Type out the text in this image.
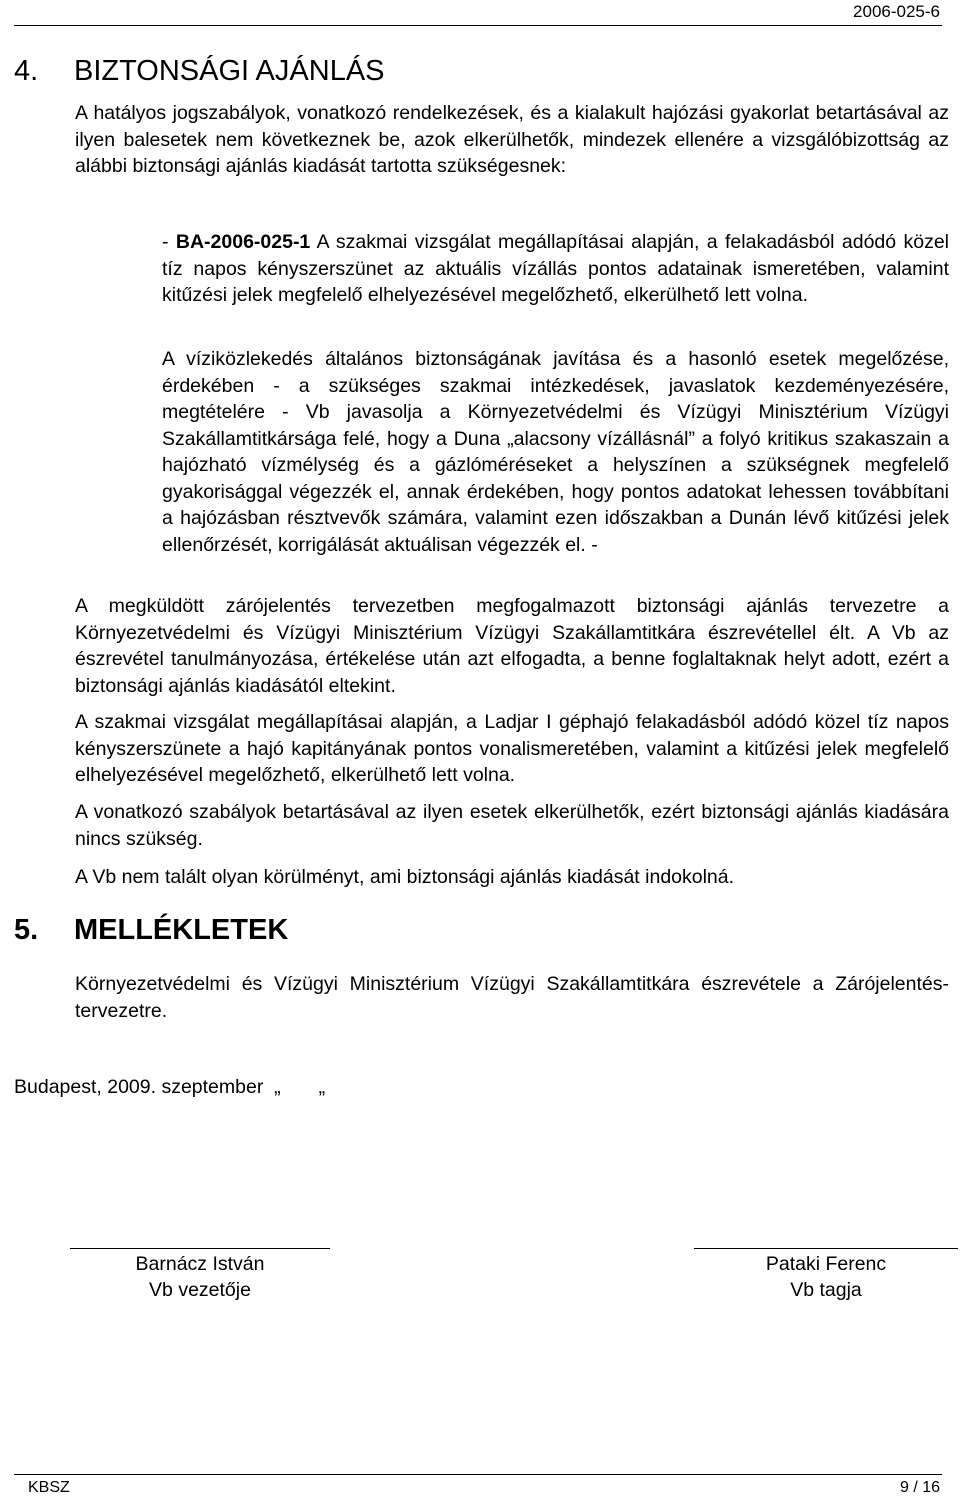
2006-025-6
4. BIZTONSÁGI AJÁNLÁS

A hatályos jogszabályok, vonatkozó rendelkezések, és a kialakult hajózási gyakorlat betartásával az ilyen balesetek nem következnek be, azok elkerülhetők, mindezek ellenére a vizsgálóbizottság az alábbi biztonsági ajánlás kiadását tartotta szükségesnek:

- BA-2006-025-1 A szakmai vizsgálat megállapításai alapján, a felakadásból adódó közel tíz napos kényszerszünet az aktuális vízállás pontos adatainak ismeretében, valamint kitűzési jelek megfelelő elhelyezésével megelőzhető, elkerülhető lett volna.

A víziközlekedés általános biztonságának javítása és a hasonló esetek megelőzése, érdekében - a szükséges szakmai intézkedések, javaslatok kezdeményezésére, megtételére - Vb javasolja a Környezetvédelmi és Vízügyi Minisztérium Vízügyi Szakállamtitkársága felé, hogy a Duna „alacsony vízállásnál” a folyó kritikus szakaszain a hajózható vízmélység és a gázlóméréseket a helyszínen a szükségnek megfelelő gyakorisággal végezzék el, annak érdekében, hogy pontos adatokat lehessen továbbítani a hajózásban résztvevők számára, valamint ezen időszakban a Dunán lévő kitűzési jelek ellenőrzését, korrigálását aktuálisan végezzék el. -

A megküldött zárójelentés tervezetben megfogalmazott biztonsági ajánlás tervezetre a Környezetvédelmi és Vízügyi Minisztérium Vízügyi Szakállamtitkára észrevétellel élt. A Vb az észrevétel tanulmányozása, értékelése után azt elfogadta, a benne foglaltaknak helyt adott, ezért a biztonsági ajánlás kiadásától eltekint.

A szakmai vizsgálat megállapításai alapján, a Ladjar I géphajó felakadásból adódó közel tíz napos kényszerszünete a hajó kapitányának pontos vonalismeretében, valamint a kitűzési jelek megfelelő elhelyezésével megelőzhető, elkerülhető lett volna.

A vonatkozó szabályok betartásával az ilyen esetek elkerülhetők, ezért biztonsági ajánlás kiadására nincs szükség.

A Vb nem talált olyan körülményt, ami biztonsági ajánlás kiadását indokolná.

5. MELLÉKLETEK

Környezetvédelmi és Vízügyi Minisztérium Vízügyi Szakállamtitkára észrevétele a Zárójelentés-tervezetre.

Budapest, 2009. szeptember  „       „
Barnácz István
Vb vezetője
Pataki Ferenc
Vb tagja
KBSZ	9 / 16
